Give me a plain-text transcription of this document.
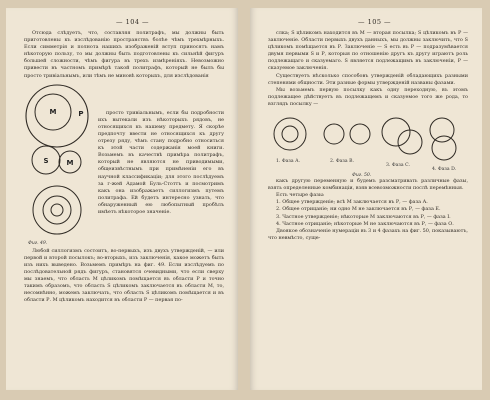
— 104 —

Отсюда слѣдуетъ, что, составляя политрафъ, мы должны быть приготовлены къ изслѣдованію пространствъ болѣе чѣмъ трехмѣрныхъ. Если симметрія и полнота нашихъ изображеній вступ приносятъ намъ нѣкоторую пользу, то мы должны быть подготовлены къ сильнѣй фигуръ большей сложности, чѣмъ фигура въ трехъ измѣреніяхъ. Невозможно привести въ частномъ примѣрѣ такой политрафъ, который не былъ бы просто тривіальнымъ, или тѣмъ не миновѣ которыхъ, для изслѣдованія

M	P
S	M
Фиг. 49.

просто тривіальнымъ, если бы подробности ихъ вытекали изъ нѣкоторыхъ рядовъ, не относящихся къ нашему предмету. Я скорѣе предпочту ввести не относящихся къ другу отрезу ряду, чѣмъ стану подробно относиться къ этой части содержанія моей книги. Возьмемъ въ качествѣ примѣра политрафъ, который не являются не приводимыми, общеизвѣстнымъ при примѣненіи его въ научной классификаціи; для этого послѣдуемъ за г-жей Адамой Буль-Стоттъ и посмотримъ какъ она изображаетъ силлогизмъ путемъ политрафа. Ей будетъ интересно узнать, что обнаруженный ею любопытный пробѣлъ имѣетъ нѣкоторое значеніе.

Любой силлогизмъ состоитъ, во-первыхъ, изъ двухъ утвержденій, — или первой и второй посылокъ; во-вторыхъ, изъ заключенія, какое можетъ быть изъ нихъ выведено. Возьмемъ примѣръ на фиг. 49. Если изслѣдуемъ по послѣдовательной рядъ фигуръ, становятся очевидными, что если сверху мы знаемъ, что область М цѣликомъ помѣщается въ области Р и точно такимъ образомъ, что область S цѣликомъ заключается въ области М, то, несомнѣнно, можемъ заключать, что область S цѣликомъ помѣщается и въ области Р. М цѣликомъ находится въ области Р — первая по-

— 105 —

слка; S цѣликомъ находится въ М — вторая посылка; S цѣликомъ въ Р — заключеніе. Области первыхъ двухъ данныхъ, мы должны заключить, что S цѣликомъ помѣщается въ Р. Заключеніе — S есть въ Р — подразумѣвается двумя первыми S и Р, которыя по отношенію другъ къ другу играютъ роль подлежащаго и сказуемаго. S является подлежащимъ въ заключеніи, Р — сказуемое заключенія.

Существуетъ нѣсколько способовъ утвержденій обладающихъ разными степенями общности. Эти разные формы утвержденій названы фазами.

Мы возьмемъ первую посылку какъ одну переходную, въ этомъ подлежащее дѣйствуетъ въ подлежащемъ и сказуемое того же рода, то взглядъ посылку —

1. Фаза А.	2. Фаза В.
3. Фаза С.
4. Фаза D.
Фиг. 50.

какъ другую переменную и будемъ разсматривать различные фазы, взять определенные комбинаціи, взяв всевозможности послѣ перемѣнныя.

Есть четыре фазы:

1. Общее утвержденіе; всѣ М заключается въ Р, — фаза А.

2. Общее отрицаніе; ни одно М не заключается въ Р, — фаза Е.

3. Частное утвержденіе; нѣкоторые М заключаются въ Р, — фаза I.

4. Частное отрицаніе; нѣкоторые М не заключаются въ Р, — фаза О.

Двоякое обозначеніе нумераціи въ 3 и 4 фазахъ на фиг. 50, показываютъ, что невмѣсто, суще-
